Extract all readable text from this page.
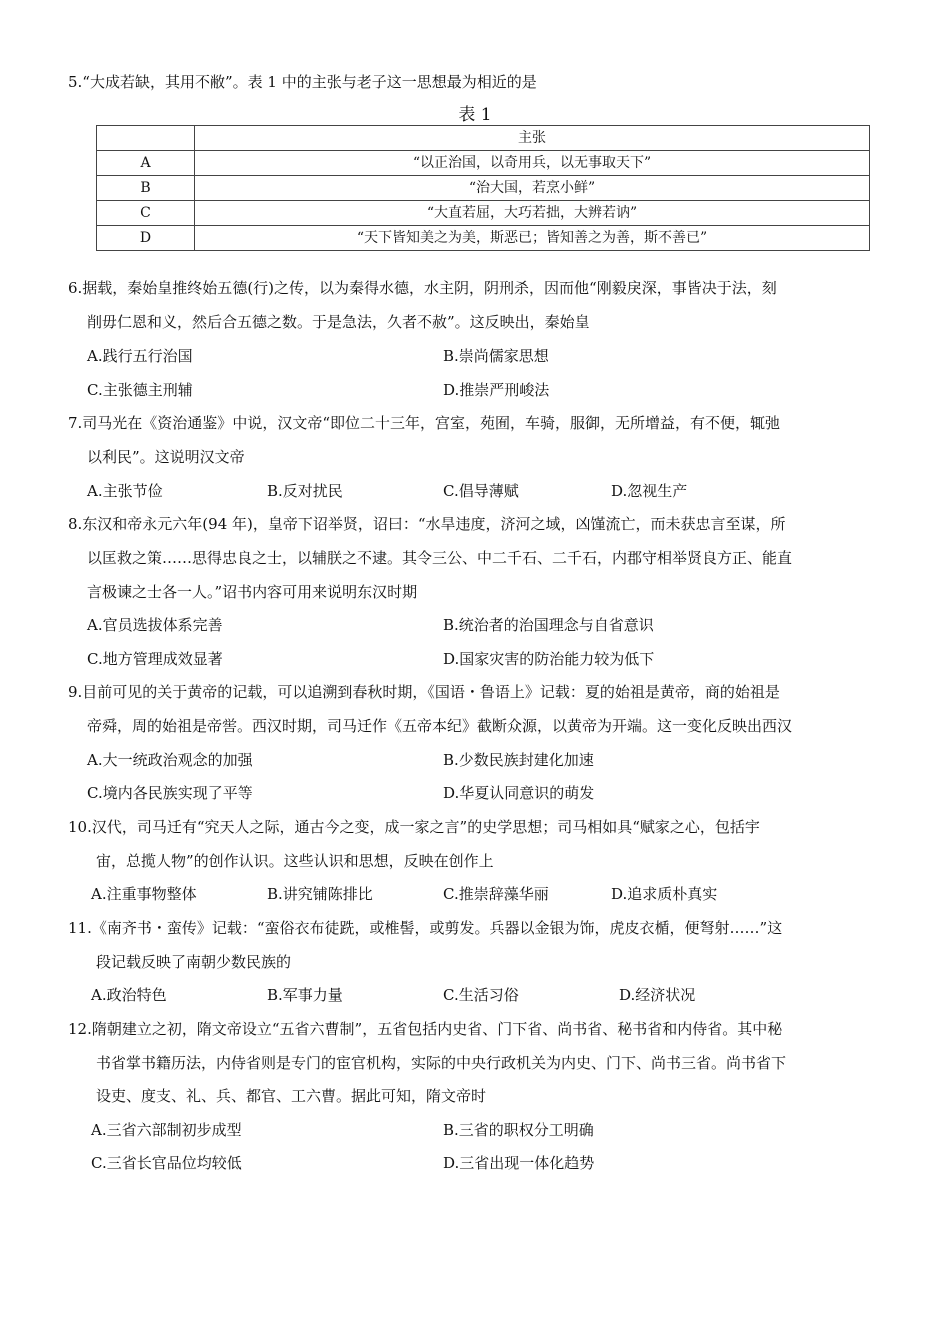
5.“大成若缺，其用不敝”。表 1 中的主张与老子这一思想最为相近的是
表 1
	主张
A	“以正治国，以奇用兵，以无事取天下”
B	“治大国，若烹小鲜”
C	“大直若屈，大巧若拙，大辨若讷”
D	“天下皆知美之为美，斯恶已；皆知善之为善，斯不善已”
6.据载，秦始皇推终始五德(行)之传，以为秦得水德，水主阴，阴刑杀，因而他“刚毅戾深，事皆决于法，刻
削毋仁恩和义，然后合五德之数。于是急法，久者不赦”。这反映出，秦始皇
A.践行五行治国	B.崇尚儒家思想
C.主张德主刑辅	D.推崇严刑峻法
7.司马光在《资治通鉴》中说，汉文帝“即位二十三年，宫室，苑囿，车骑，服御，无所增益，有不便，辄弛
以利民”。这说明汉文帝
A.主张节俭	B.反对扰民	C.倡导薄赋	D.忽视生产
8.东汉和帝永元六年(94 年)，皇帝下诏举贤，诏曰：“水旱违度，济河之域，凶馑流亡，而未获忠言至谋，所
以匡救之策……思得忠良之士，以辅朕之不逮。其令三公、中二千石、二千石，内郡守相举贤良方正、能直
言极谏之士各一人。”诏书内容可用来说明东汉时期
A.官员选拔体系完善	B.统治者的治国理念与自省意识
C.地方管理成效显著	D.国家灾害的防治能力较为低下
9.目前可见的关于黄帝的记载，可以追溯到春秋时期，《国语・鲁语上》记载：夏的始祖是黄帝，商的始祖是
帝舜，周的始祖是帝喾。西汉时期，司马迁作《五帝本纪》截断众源，以黄帝为开端。这一变化反映出西汉
A.大一统政治观念的加强	B.少数民族封建化加速
C.境内各民族实现了平等	D.华夏认同意识的萌发
10.汉代，司马迁有“究天人之际，通古今之变，成一家之言”的史学思想；司马相如具“赋家之心，包括宇
宙，总揽人物”的创作认识。这些认识和思想，反映在创作上
A.注重事物整体	B.讲究铺陈排比	C.推崇辞藻华丽	D.追求质朴真实
11.《南齐书・蛮传》记载：“蛮俗衣布徒跣，或椎髻，或剪发。兵器以金银为饰，虎皮衣楯，便弩射……”这
段记载反映了南朝少数民族的
A.政治特色	B.军事力量	C.生活习俗	D.经济状况
12.隋朝建立之初，隋文帝设立“五省六曹制”，五省包括内史省、门下省、尚书省、秘书省和内侍省。其中秘
书省掌书籍历法，内侍省则是专门的宦官机构，实际的中央行政机关为内史、门下、尚书三省。尚书省下
设吏、度支、礼、兵、都官、工六曹。据此可知，隋文帝时
A.三省六部制初步成型	B.三省的职权分工明确
C.三省长官品位均较低	D.三省出现一体化趋势
